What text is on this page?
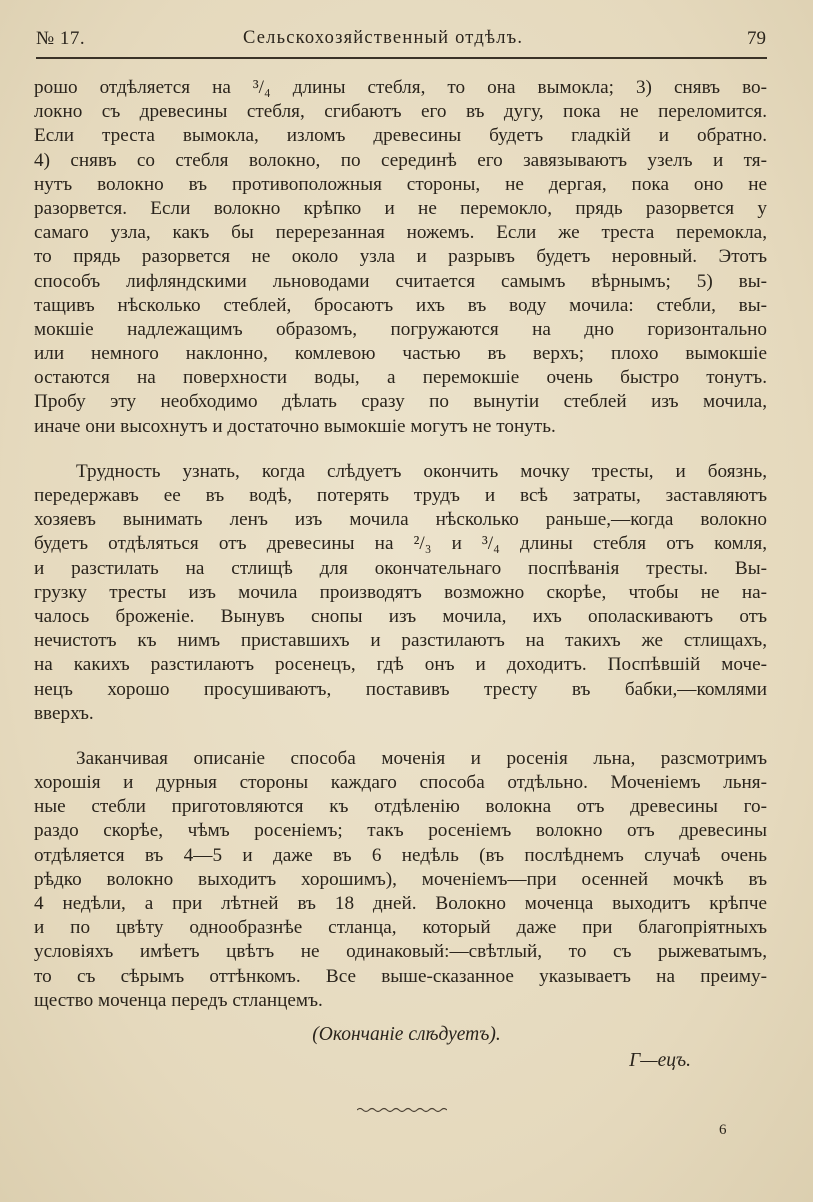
№ 17.	Сельскохозяйственный отдѣлъ.	79
рошо отдѣляется на ³/₄ длины стебля, то она вымокла; 3) снявъ во-
локно съ древесины стебля, сгибаютъ его въ дугу, пока не переломится.
Если треста вымокла, изломъ древесины будетъ гладкій и обратно.
4) снявъ со стебля волокно, по серединѣ его завязываютъ узелъ и тя-
нутъ волокно въ противоположныя стороны, не дергая, пока оно не
разорвется. Если волокно крѣпко и не перемокло, прядь разорвется у
самаго узла, какъ бы перерезанная ножемъ. Если же треста перемокла,
то прядь разорвется не около узла и разрывъ будетъ неровный. Этотъ
способъ лифляндскими льноводами считается самымъ вѣрнымъ; 5) вы-
тащивъ нѣсколько стеблей, бросаютъ ихъ въ воду мочила: стебли, вы-
мокшіе надлежащимъ образомъ, погружаются на дно горизонтально
или немного наклонно, комлевою частью въ верхъ; плохо вымокшіе
остаются на поверхности воды, а перемокшіе очень быстро тонутъ.
Пробу эту необходимо дѣлать сразу по вынутіи стеблей изъ мочила,
иначе они высохнутъ и достаточно вымокшіе могутъ не тонуть.
Трудность узнать, когда слѣдуетъ окончить мочку тресты, и боязнь,
передержавъ ее въ водѣ, потерять трудъ и всѣ затраты, заставляютъ
хозяевъ вынимать ленъ изъ мочила нѣсколько раньше,—когда волокно
будетъ отдѣляться отъ древесины на ²/₃ и ³/₄ длины стебля отъ комля,
и разстилать на стлищѣ для окончательнаго поспѣванія тресты. Вы-
грузку тресты изъ мочила производятъ возможно скорѣе, чтобы не на-
чалось броженіе. Вынувъ снопы изъ мочила, ихъ ополаскиваютъ отъ
нечистотъ къ нимъ приставшихъ и разстилаютъ на такихъ же стлищахъ,
на какихъ разстилаютъ росенецъ, гдѣ онъ и доходитъ. Поспѣвшій моче-
нецъ хорошо просушиваютъ, поставивъ тресту въ бабки,—комлями
вверхъ.
Заканчивая описаніе способа моченія и росенія льна, разсмотримъ
хорошія и дурныя стороны каждаго способа отдѣльно. Моченіемъ льня-
ные стебли приготовляются къ отдѣленію волокна отъ древесины го-
раздо скорѣе, чѣмъ росеніемъ; такъ росеніемъ волокно отъ древесины
отдѣляется въ 4—5 и даже въ 6 недѣль (въ послѣднемъ случаѣ очень
рѣдко волокно выходитъ хорошимъ), моченіемъ—при осенней мочкѣ въ
4 недѣли, а при лѣтней въ 18 дней. Волокно моченца выходитъ крѣпче
и по цвѣту однообразнѣе стланца, который даже при благопріятныхъ
условіяхъ имѣетъ цвѣтъ не одинаковый:—свѣтлый, то съ рыжеватымъ,
то съ сѣрымъ оттѣнкомъ. Все выше-сказанное указываетъ на преиму-
щество моченца передъ стланцемъ.
(Окончаніе слѣдуетъ).
Г—ецъ.
6
